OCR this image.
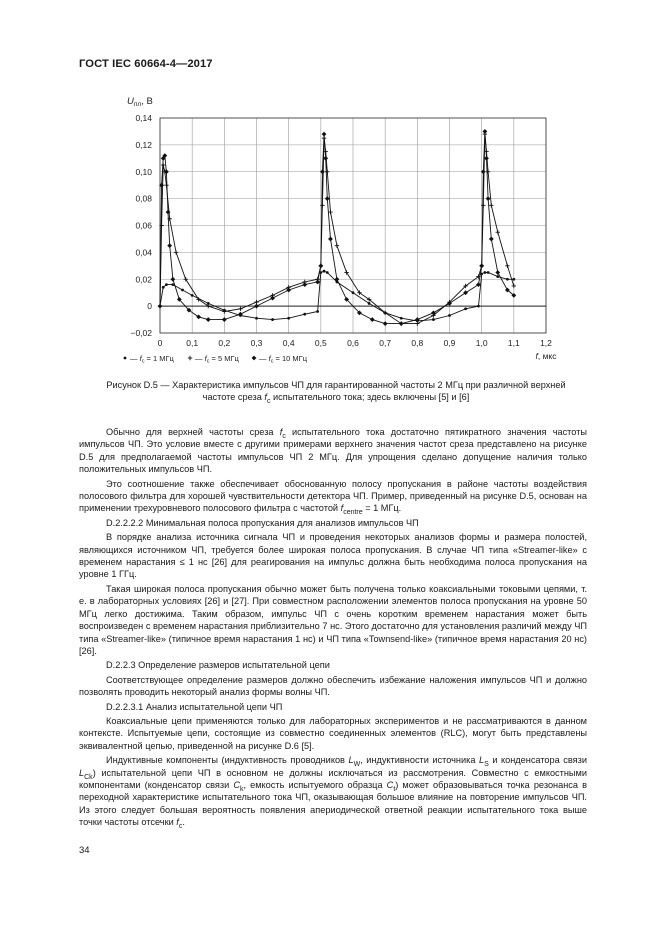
ГОСТ IEC 60664-4—2017
0	0,1 0,2 0,3 0,4 0,5 0,6 0,7 0,8 0,9 1,0 1,1 1,2
−0,02
0
0,02
0,04
0,06
0,08
0,10
0,12
0,14
$U_{пл}$, В
f, мкс
— $f_c = 1$ МГц	— $f_c = 5$ МГц	— $f_c = 10$ МГц
Рисунок D.5 — Характеристика импульсов ЧП для гарантированной частоты 2 МГц при различной верхней
частоте среза $f_c$ испытательного тока; здесь включены [5] и [6]

Обычно для верхней частоты среза $f_c$ испытательного тока достаточно пятикратного значения частоты импульсов ЧП. Это условие вместе с другими примерами верхнего значения частот среза представлено на рисунке D.5 для предполагаемой частоты импульсов ЧП 2 МГц. Для упрощения сделано допущение наличия только положительных импульсов ЧП.

Это соотношение также обеспечивает обоснованную полосу пропускания в районе частоты воздействия полосового фильтра для хорошей чувствительности детектора ЧП. Пример, приведенный на рисунке D.5, основан на применении трехуровневого полосового фильтра с частотой $f_{centre} = 1$ МГц.

D.2.2.2.2 Минимальная полоса пропускания для анализов импульсов ЧП

В порядке анализа источника сигнала ЧП и проведения некоторых анализов формы и размера полостей, являющихся источником ЧП, требуется более широкая полоса пропускания. В случае ЧП типа «Streamer-like» с временем нарастания ≤ 1 нс [26] для реагирования на импульс должна быть необходима полоса пропускания на уровне 1 ГГц.

Такая широкая полоса пропускания обычно может быть получена только коаксиальными токовыми цепями, т. е. в лабораторных условиях [26] и [27]. При совместном расположении элементов полоса пропускания на уровне 50 МГц легко достижима. Таким образом, импульс ЧП с очень коротким временем нарастания может быть воспроизведен с временем нарастания приблизительно 7 нс. Этого достаточно для установления различий между ЧП типа «Streamer-like» (типичное время нарастания 1 нс) и ЧП типа «Townsend-like» (типичное время нарастания 20 нс) [26].

D.2.2.3 Определение размеров испытательной цепи

Соответствующее определение размеров должно обеспечить избежание наложения импульсов ЧП и должно позволять проводить некоторый анализ формы волны ЧП.

D.2.2.3.1 Анализ испытательной цепи ЧП

Коаксиальные цепи применяются только для лабораторных экспериментов и не рассматриваются в данном контексте. Испытуемые цепи, состоящие из совместно соединенных элементов (RLC), могут быть представлены эквивалентной цепью, приведенной на рисунке D.6 [5].

Индуктивные компоненты (индуктивность проводников $L_W$, индуктивности источника $L_S$ и конденсатора связи $L_{Ck}$) испытательной цепи ЧП в основном не должны исключаться из рассмотрения. Совместно с емкостными компонентами (конденсатор связи $C_k$, емкость испытуемого образца $C_t$) может образовываться точка резонанса в переходной характеристике испытательного тока ЧП, оказывающая большое влияние на повторение импульсов ЧП. Из этого следует большая вероятность появления апериодической ответной реакции испытательного тока выше точки частоты отсечки $f_c$.

34
